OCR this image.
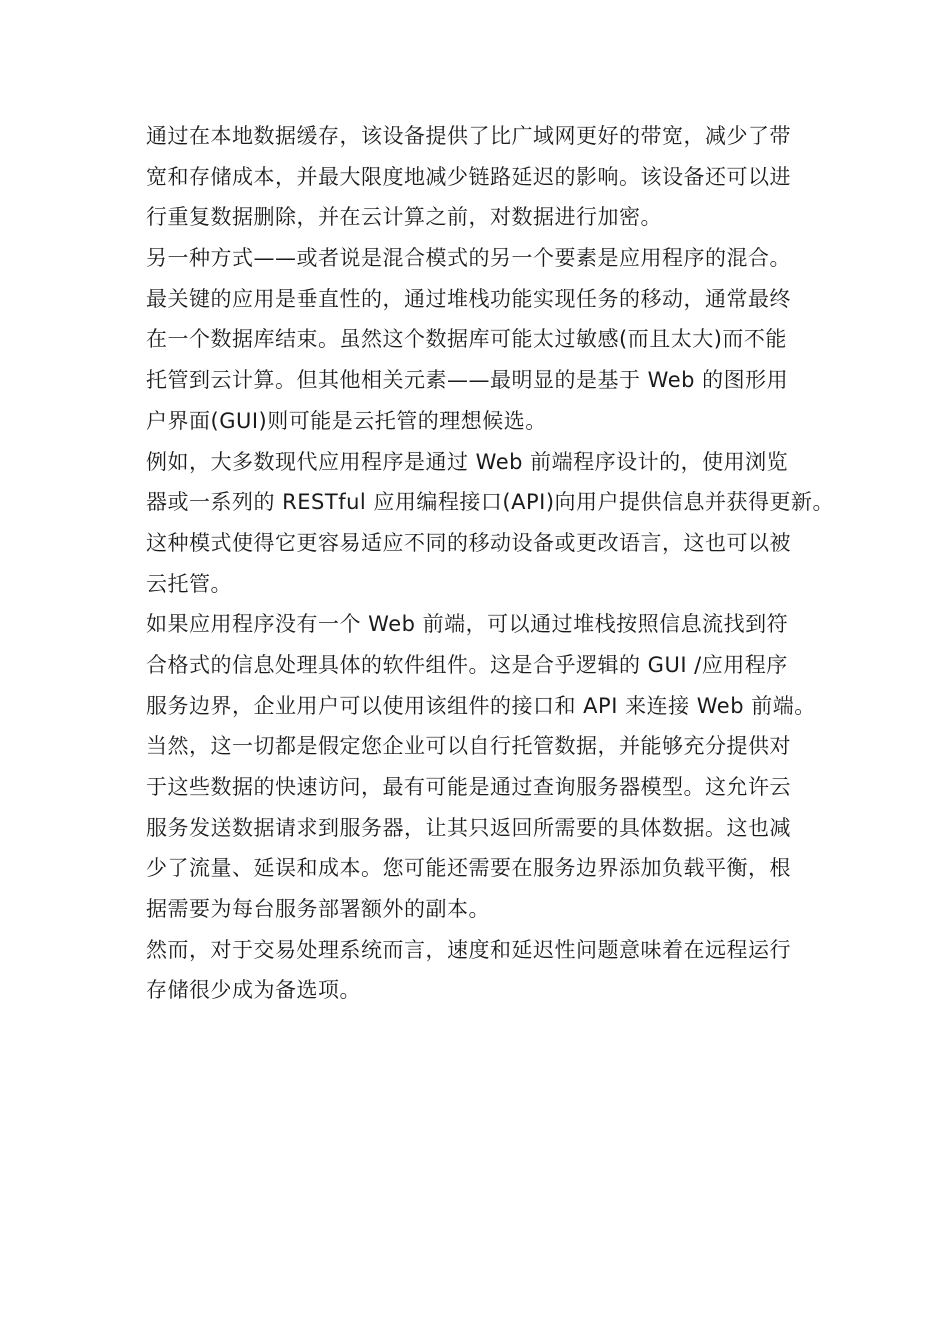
通过在本地数据缓存，该设备提供了比广域网更好的带宽，减少了带
宽和存储成本，并最大限度地减少链路延迟的影响。该设备还可以进
行重复数据删除，并在云计算之前，对数据进行加密。

另一种方式——或者说是混合模式的另一个要素是应用程序的混合。
最关键的应用是垂直性的，通过堆栈功能实现任务的移动，通常最终
在一个数据库结束。虽然这个数据库可能太过敏感(而且太大)而不能
托管到云计算。但其他相关元素——最明显的是基于 Web 的图形用
户界面(GUI)则可能是云托管的理想候选。

例如，大多数现代应用程序是通过 Web 前端程序设计的，使用浏览
器或一系列的 RESTful 应用编程接口(API)向用户提供信息并获得更新。
这种模式使得它更容易适应不同的移动设备或更改语言，这也可以被
云托管。

如果应用程序没有一个 Web 前端，可以通过堆栈按照信息流找到符
合格式的信息处理具体的软件组件。这是合乎逻辑的 GUI /应用程序
服务边界，企业用户可以使用该组件的接口和 API 来连接 Web 前端。

当然，这一切都是假定您企业可以自行托管数据，并能够充分提供对
于这些数据的快速访问，最有可能是通过查询服务器模型。这允许云
服务发送数据请求到服务器，让其只返回所需要的具体数据。这也减
少了流量、延误和成本。您可能还需要在服务边界添加负载平衡，根
据需要为每台服务部署额外的副本。

然而，对于交易处理系统而言，速度和延迟性问题意味着在远程运行
存储很少成为备选项。
